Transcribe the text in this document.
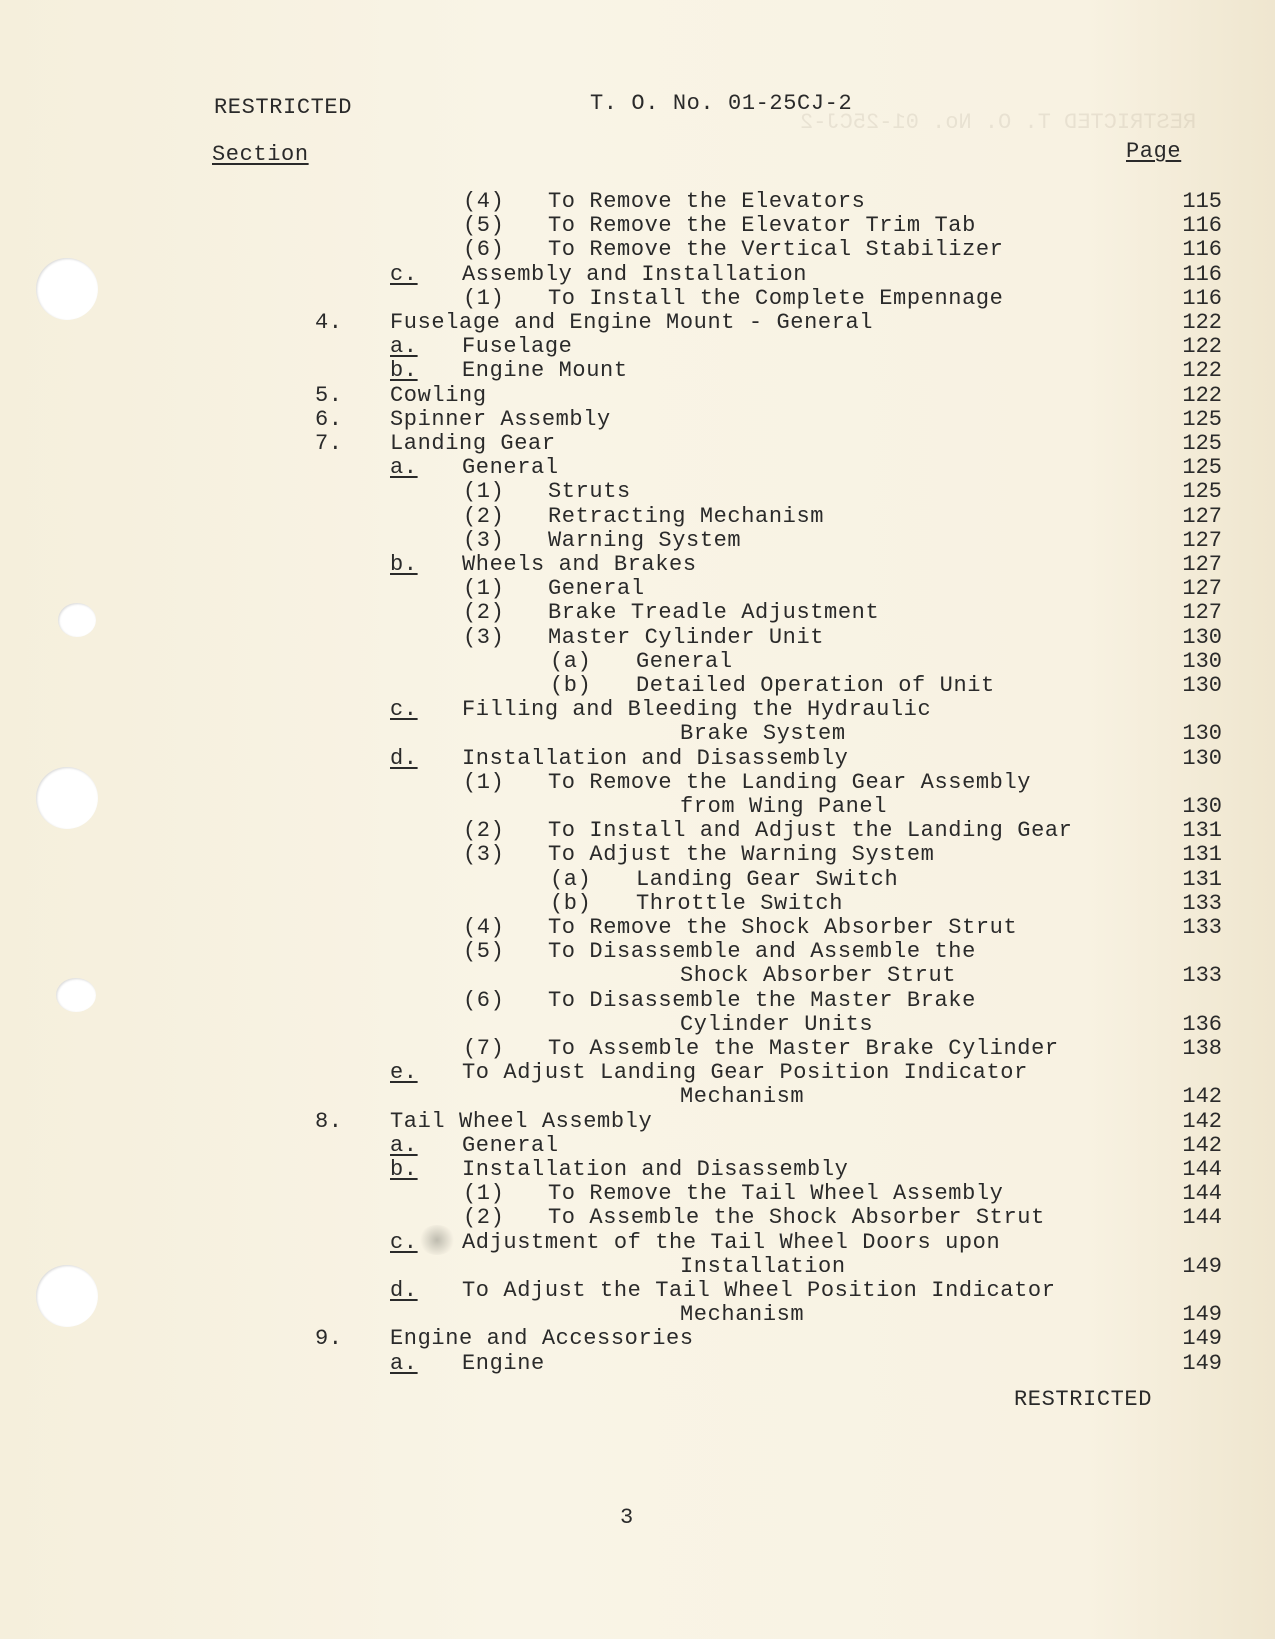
RESTRICTED T. O. No. 01-25CJ-2
RESTRICTED	T. O. No. 01-25CJ-2
Section	Page
(4) To Remove the Elevators	115
(5) To Remove the Elevator Trim Tab	116
(6) To Remove the Vertical Stabilizer	116
c. Assembly and Installation	116
(1) To Install the Complete Empennage	116
4. Fuselage and Engine Mount - General	122
a. Fuselage	122
b. Engine Mount	122
5. Cowling	122
6. Spinner Assembly	125
7. Landing Gear	125
a. General	125
(1) Struts	125
(2) Retracting Mechanism	127
(3) Warning System	127
b. Wheels and Brakes	127
(1) General	127
(2) Brake Treadle Adjustment	127
(3) Master Cylinder Unit	130
(a) General	130
(b) Detailed Operation of Unit	130
c. Filling and Bleeding the Hydraulic
Brake System	130
d. Installation and Disassembly	130
(1) To Remove the Landing Gear Assembly
from Wing Panel	130
(2) To Install and Adjust the Landing Gear	131
(3) To Adjust the Warning System	131
(a) Landing Gear Switch	131
(b) Throttle Switch	133
(4) To Remove the Shock Absorber Strut	133
(5) To Disassemble and Assemble the
Shock Absorber Strut	133
(6) To Disassemble the Master Brake
Cylinder Units	136
(7) To Assemble the Master Brake Cylinder	138
e. To Adjust Landing Gear Position Indicator
Mechanism	142
8. Tail Wheel Assembly	142
a. General	142
b. Installation and Disassembly	144
(1) To Remove the Tail Wheel Assembly	144
(2) To Assemble the Shock Absorber Strut	144
c. Adjustment of the Tail Wheel Doors upon
Installation	149
d. To Adjust the Tail Wheel Position Indicator
Mechanism	149
9. Engine and Accessories	149
a. Engine	149
RESTRICTED
3
